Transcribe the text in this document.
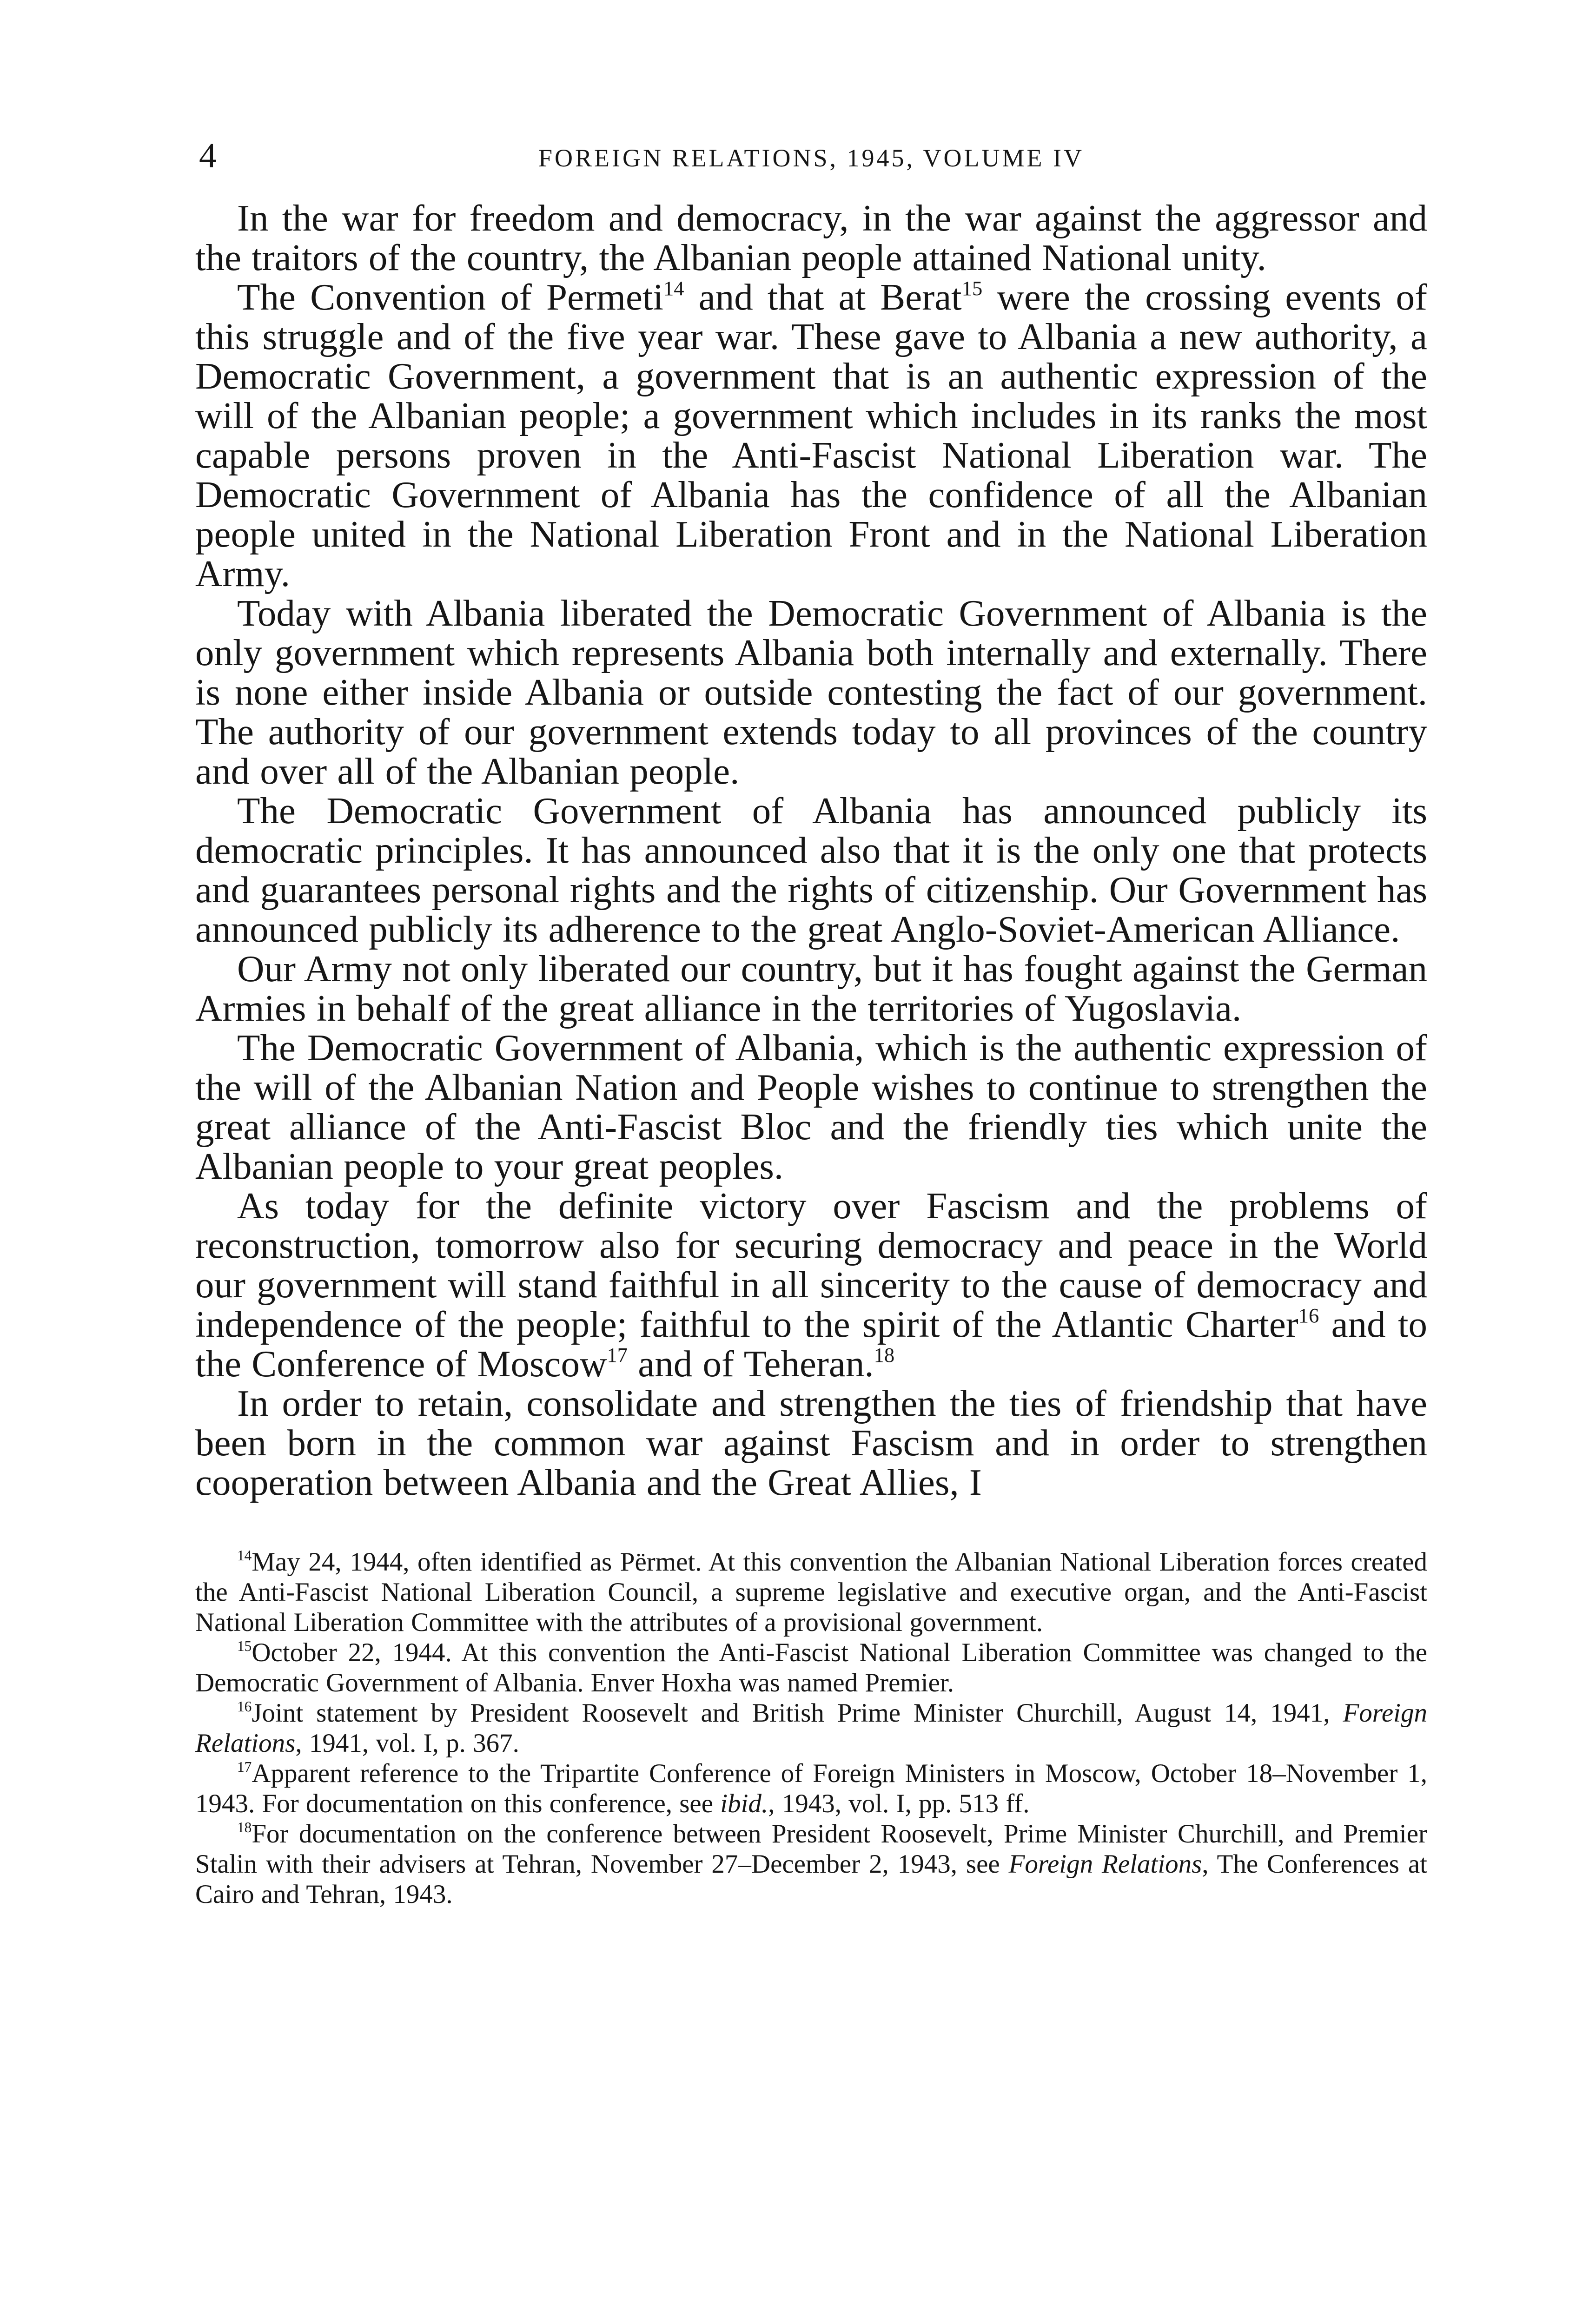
4	FOREIGN RELATIONS, 1945, VOLUME IV

In the war for freedom and democracy, in the war against the aggressor and the traitors of the country, the Albanian people attained National unity.

The Convention of Permeti$^{14}$ and that at Berat$^{15}$ were the crossing events of this struggle and of the five year war. These gave to Albania a new authority, a Democratic Government, a government that is an authentic expression of the will of the Albanian people; a government which includes in its ranks the most capable persons proven in the Anti-Fascist National Liberation war. The Democratic Government of Albania has the confidence of all the Albanian people united in the National Liberation Front and in the National Liberation Army.

Today with Albania liberated the Democratic Government of Albania is the only government which represents Albania both internally and externally. There is none either inside Albania or outside contesting the fact of our government. The authority of our government extends today to all provinces of the country and over all of the Albanian people.

The Democratic Government of Albania has announced publicly its democratic principles. It has announced also that it is the only one that protects and guarantees personal rights and the rights of citizenship. Our Government has announced publicly its adherence to the great Anglo-Soviet-American Alliance.

Our Army not only liberated our country, but it has fought against the German Armies in behalf of the great alliance in the territories of Yugoslavia.

The Democratic Government of Albania, which is the authentic expression of the will of the Albanian Nation and People wishes to continue to strengthen the great alliance of the Anti-Fascist Bloc and the friendly ties which unite the Albanian people to your great peoples.

As today for the definite victory over Fascism and the problems of reconstruction, tomorrow also for securing democracy and peace in the World our government will stand faithful in all sincerity to the cause of democracy and independence of the people; faithful to the spirit of the Atlantic Charter$^{16}$ and to the Conference of Moscow$^{17}$ and of Teheran.$^{18}$

In order to retain, consolidate and strengthen the ties of friendship that have been born in the common war against Fascism and in order to strengthen cooperation between Albania and the Great Allies, I

$^{14}$May 24, 1944, often identified as Përmet. At this convention the Albanian National Liberation forces created the Anti-Fascist National Liberation Council, a supreme legislative and executive organ, and the Anti-Fascist National Liberation Committee with the attributes of a provisional government.

$^{15}$October 22, 1944. At this convention the Anti-Fascist National Liberation Committee was changed to the Democratic Government of Albania. Enver Hoxha was named Premier.

$^{16}$Joint statement by President Roosevelt and British Prime Minister Churchill, August 14, 1941, Foreign Relations, 1941, vol. I, p. 367.

$^{17}$Apparent reference to the Tripartite Conference of Foreign Ministers in Moscow, October 18–November 1, 1943. For documentation on this conference, see ibid., 1943, vol. I, pp. 513 ff.

$^{18}$For documentation on the conference between President Roosevelt, Prime Minister Churchill, and Premier Stalin with their advisers at Tehran, November 27–December 2, 1943, see Foreign Relations, The Conferences at Cairo and Tehran, 1943.
